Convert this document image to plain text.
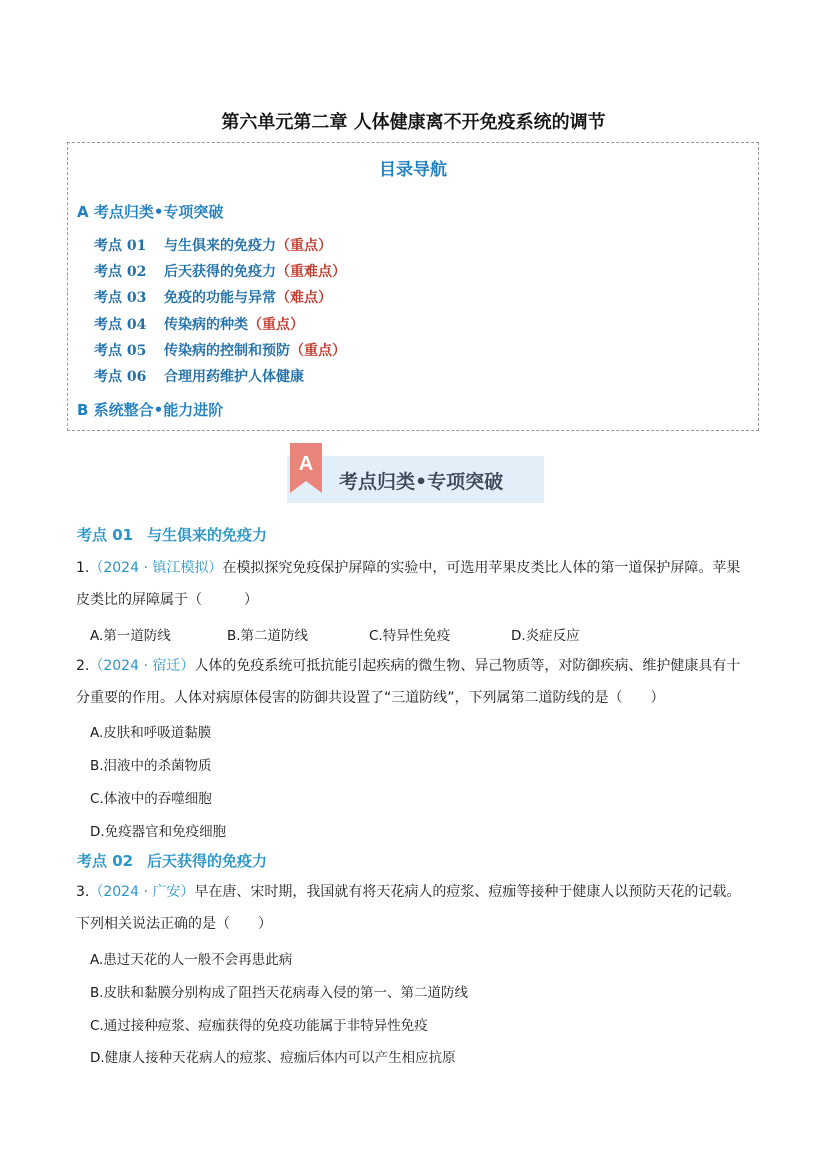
第六单元第二章 人体健康离不开免疫系统的调节
目录导航
A 考点归类•专项突破
考点 01 与生俱来的免疫力（重点）
考点 02 后天获得的免疫力（重难点）
考点 03 免疫的功能与异常（难点）
考点 04 传染病的种类（重点）
考点 05 传染病的控制和预防（重点）
考点 06 合理用药维护人体健康
B 系统整合•能力进阶
A
考点归类•专项突破
考点 01 与生俱来的免疫力
1.（2024 · 镇江模拟）在模拟探究免疫保护屏障的实验中，可选用苹果皮类比人体的第一道保护屏障。苹果
皮类比的屏障属于（　　　）
A.第一道防线	B.第二道防线	C.特异性免疫	D.炎症反应
2.（2024 · 宿迁）人体的免疫系统可抵抗能引起疾病的微生物、异己物质等，对防御疾病、维护健康具有十
分重要的作用。人体对病原体侵害的防御共设置了“三道防线”，下列属第二道防线的是（　　）
A.皮肤和呼吸道黏膜
B.泪液中的杀菌物质
C.体液中的吞噬细胞
D.免疫器官和免疫细胞
考点 02 后天获得的免疫力
3.（2024 · 广安）早在唐、宋时期，我国就有将天花病人的痘浆、痘痂等接种于健康人以预防天花的记载。
下列相关说法正确的是（　　）
A.患过天花的人一般不会再患此病
B.皮肤和黏膜分别构成了阻挡天花病毒入侵的第一、第二道防线
C.通过接种痘浆、痘痂获得的免疫功能属于非特异性免疫
D.健康人接种天花病人的痘浆、痘痂后体内可以产生相应抗原
